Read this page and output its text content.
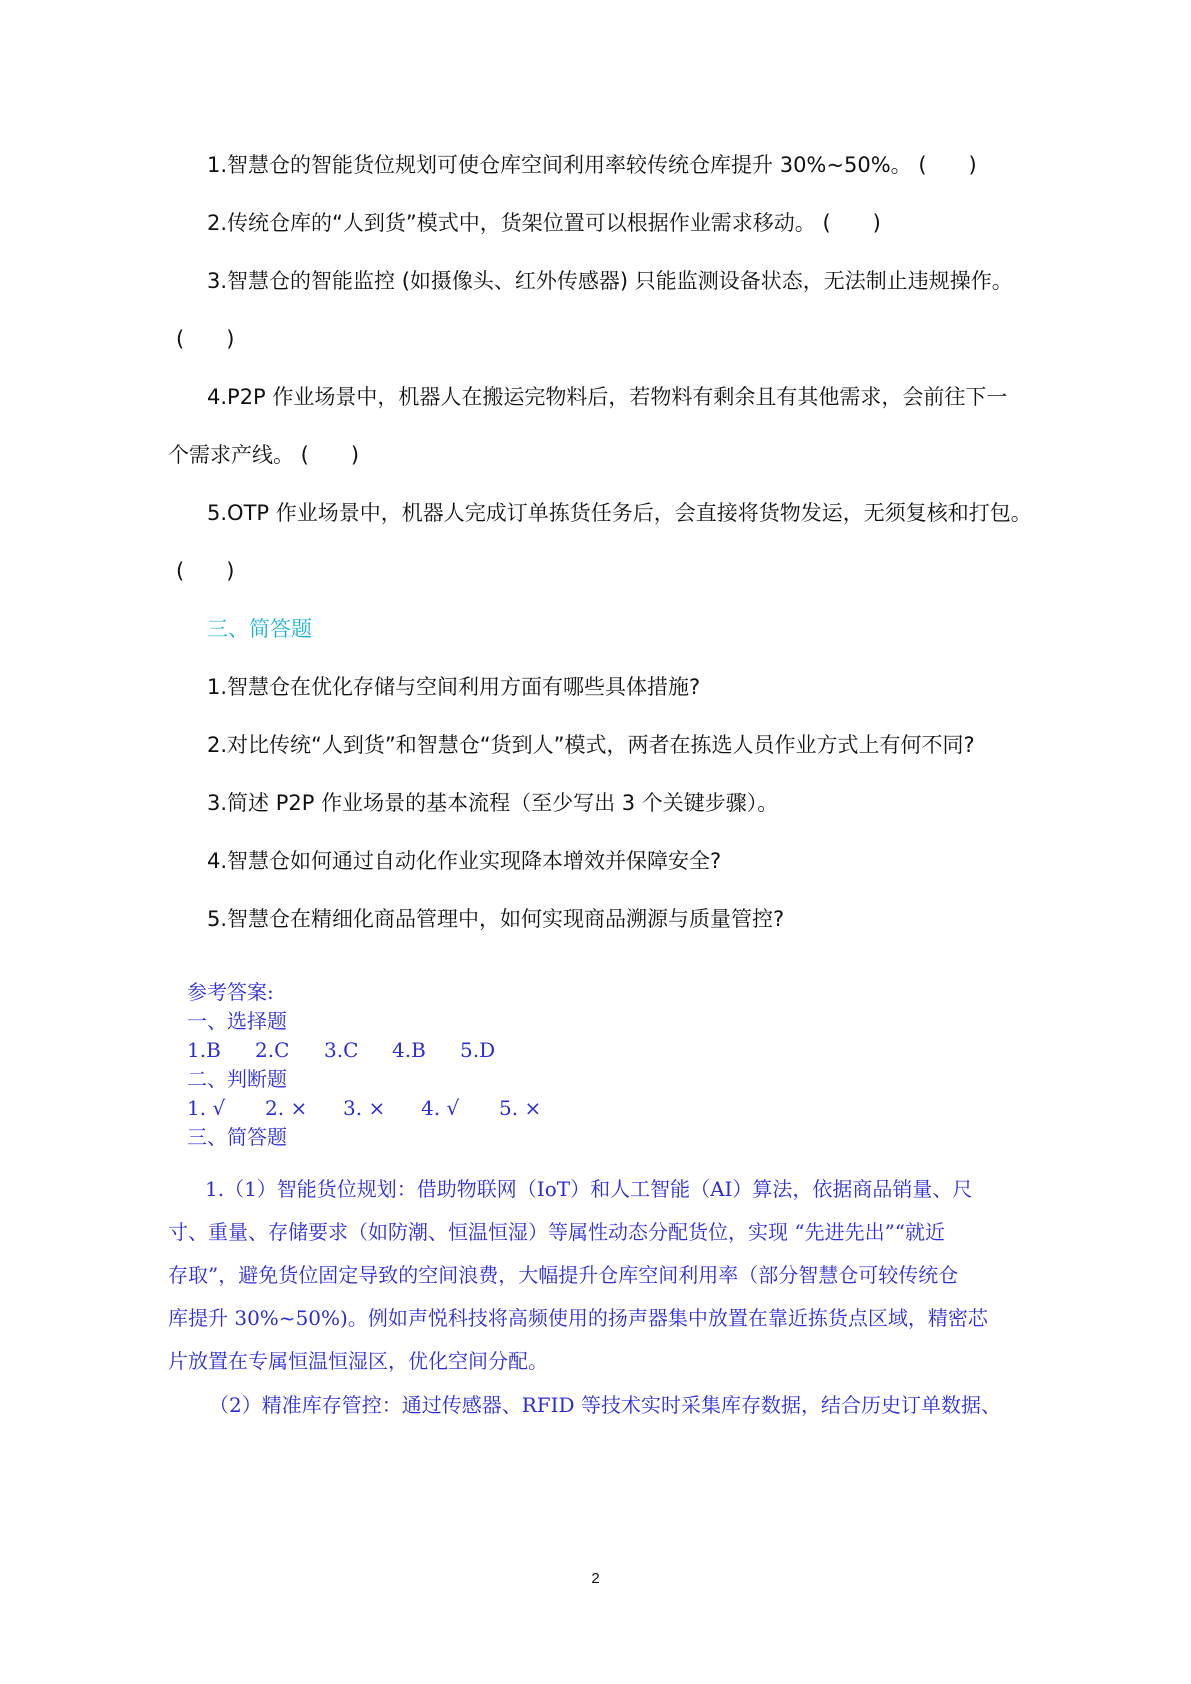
1.智慧仓的智能货位规划可使仓库空间利用率较传统仓库提升 30%~50%。 (　　)
2.传统仓库的“人到货”模式中，货架位置可以根据作业需求移动。 (　　)
3.智慧仓的智能监控 (如摄像头、红外传感器) 只能监测设备状态，无法制止违规操作。
(　　)
4.P2P 作业场景中，机器人在搬运完物料后，若物料有剩余且有其他需求，会前往下一
个需求产线。 (　　)
5.OTP 作业场景中，机器人完成订单拣货任务后，会直接将货物发运，无须复核和打包。
(　　)
三、简答题
1.智慧仓在优化存储与空间利用方面有哪些具体措施?
2.对比传统“人到货”和智慧仓“货到人”模式，两者在拣选人员作业方式上有何不同?
3.简述 P2P 作业场景的基本流程（至少写出 3 个关键步骤）。
4.智慧仓如何通过自动化作业实现降本增效并保障安全?
5.智慧仓在精细化商品管理中，如何实现商品溯源与质量管控?
参考答案:
一、选择题
1.B 2.C 3.C 4.B 5.D
二、判断题
1. √ 2. × 3. × 4. √ 5. ×
三、简答题
1.（1）智能货位规划：借助物联网（IoT）和人工智能（AI）算法，依据商品销量、尺
寸、重量、存储要求（如防潮、恒温恒湿）等属性动态分配货位，实现 “先进先出”“就近
存取”，避免货位固定导致的空间浪费，大幅提升仓库空间利用率（部分智慧仓可较传统仓
库提升 30%~50%)。例如声悦科技将高频使用的扬声器集中放置在靠近拣货点区域，精密芯
片放置在专属恒温恒湿区，优化空间分配。
（2）精准库存管控：通过传感器、RFID 等技术实时采集库存数据，结合历史订单数据、
2
